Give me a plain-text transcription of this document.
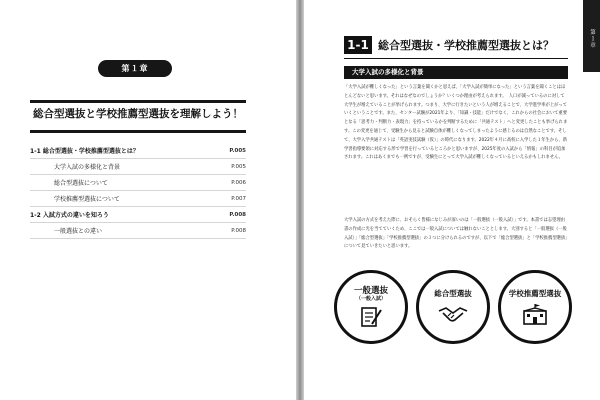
第１章
総合型選抜と学校推薦型選抜を理解しよう！
1-1 総合型選抜・学校推薦型選抜とは？	P.005
大学入試の多様化と背景	P.005
総合型選抜について	P.006
学校推薦型選抜について	P.007
1-2 入試方式の違いを知ろう	P.008
一般選抜との違い	P.008
第１章
1-1 総合型選抜・学校推薦型選抜とは？
大学入試の多様化と背景

「大学入試が難しくなった」という言葉を聞くかと思えば、「大学入試が簡単になった」という言葉を聞くことはほとんどないと思います。それはなぜなのでしょうか？いくつか理由が考えられます。　人口が減っているのに対して大学生が増えていることが挙げられます。つまり、大学に行きたいという人が増えることで、大学進学率が上がっていくということです。また、センター試験が2021年より、「知識・技能」だけでなく、これからの社会において重要となる「思考力・判断力・表現力」を持っているかを判断するために「共通テスト」へと変更したことも挙げられます。この変更を通じて、受験生から見ると試験自体が難しくなってしまったように感じるのは自然なことです。そして、大学入学共通テストは「英語実技試験（仮）」の時代になります。2022年４月に高校に入学した１年生から、新学習指導要領に対応する形で学習を行っているところかと思いますが、2025年度の入試から「情報」の科目が追加されます。これはあくまでも一例ですが、受験生にとって大学入試が難しくなっているといえるかもしれません。

大学入試の方式を考えた際に、おそらく皆様になじみが深いのは「一般選抜（一般入試）」です。本書では志望理由書の作成に光を当てていくため、ここでは一般入試については触れないこととします。大別すると「一般選抜（一般入試）」「総合型選抜」「学校推薦型選抜」の３つに分けられるのですが、以下で「総合型選抜」と「学校推薦型選抜」について見ていきたいと思います。

一般選抜
（一般入試）
総合型選抜	学校推薦型選抜
